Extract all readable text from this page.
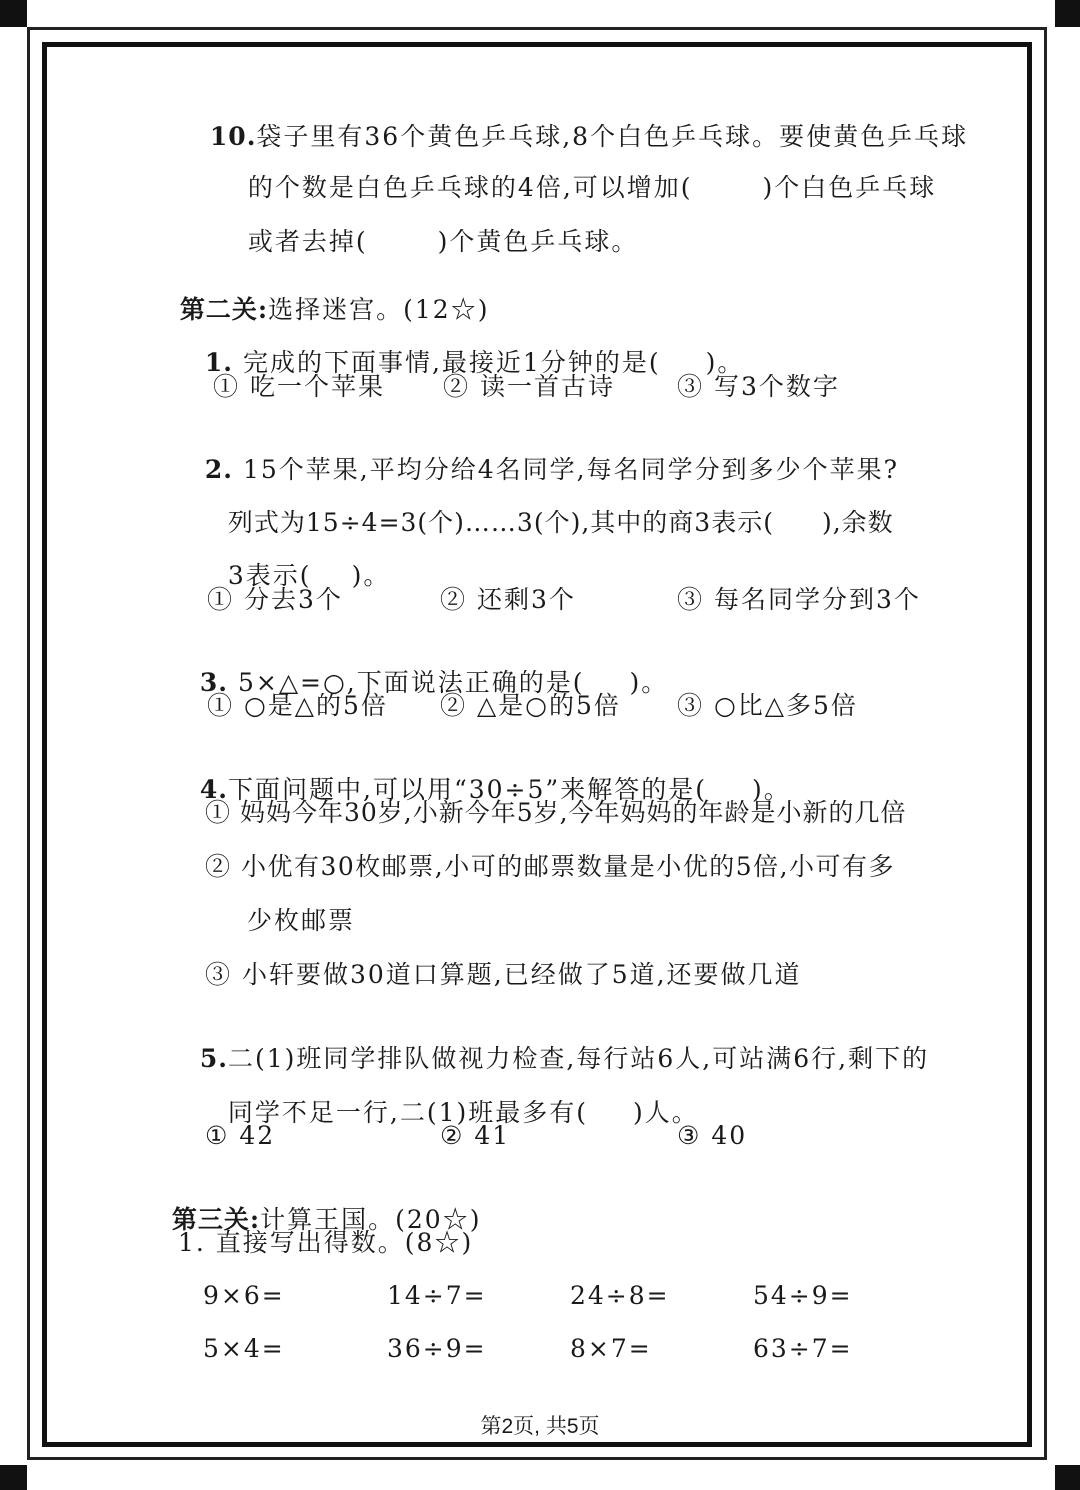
10.袋子里有36个黄色乒乓球,8个白色乒乓球。要使黄色乒乓球

的个数是白色乒乓球的4倍,可以增加(	)个白色乒乓球

或者去掉(	)个黄色乒乓球。

第二关:选择迷宫。(12☆)

1. 完成的下面事情,最接近1分钟的是( )。

① 吃一个苹果 ② 读一首古诗 ③ 写3个数字

2. 15个苹果,平均分给4名同学,每名同学分到多少个苹果?

列式为15÷4=3(个)……3(个),其中的商3表示( ),余数

3表示( )。

① 分去3个	② 还剩3个	③ 每名同学分到3个

3. 5×△=○,下面说法正确的是( )。

① ○是△的5倍 ② △是○的5倍 ③ ○比△多5倍

4.下面问题中,可以用“30÷5”来解答的是( )。

① 妈妈今年30岁,小新今年5岁,今年妈妈的年龄是小新的几倍
② 小优有30枚邮票,小可的邮票数量是小优的5倍,小可有多
少枚邮票
③ 小轩要做30道口算题,已经做了5道,还要做几道

5.二(1)班同学排队做视力检查,每行站6人,可站满6行,剩下的

同学不足一行,二(1)班最多有( )人。

① 42	② 41	③ 40

第三关:计算王国。(20☆)

1. 直接写出得数。(8☆)
9×6=	14÷7=	24÷8=	54÷9=
5×4=	36÷9=	8×7=	63÷7=
第2页, 共5页
